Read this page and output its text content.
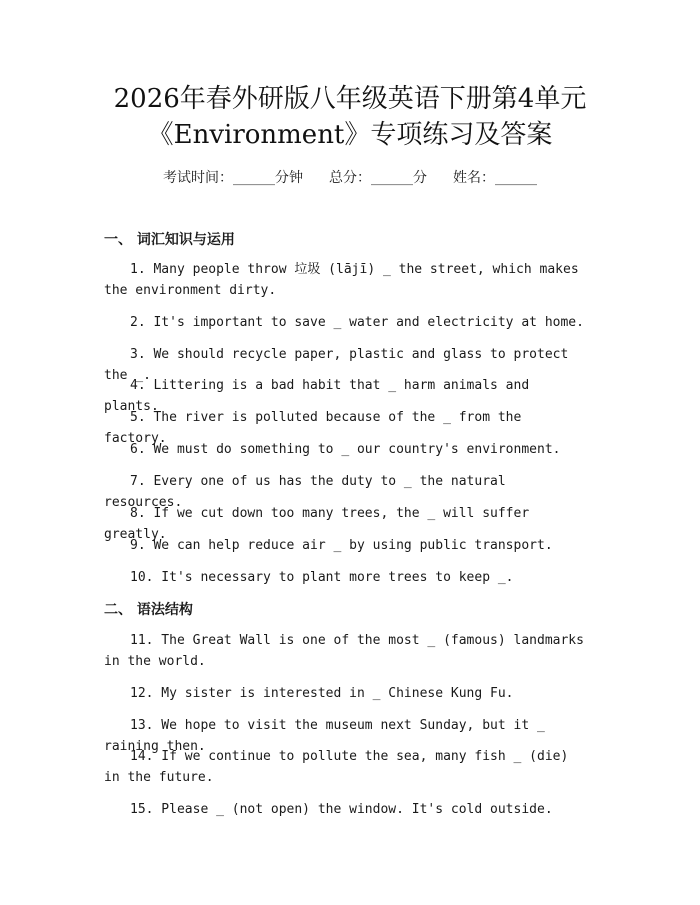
2026年春外研版八年级英语下册第4单元
《Environment》专项练习及答案
考试时间：______分钟 总分：______分 姓名：______
一、 词汇知识与运用
1. Many people throw 垃圾 (lājī) _ the street, which makes the environment dirty.
2. It's important to save _ water and electricity at home.
3. We should recycle paper, plastic and glass to protect the _.
4. Littering is a bad habit that _ harm animals and plants.
5. The river is polluted because of the _ from the factory.
6. We must do something to _ our country's environment.
7. Every one of us has the duty to _ the natural resources.
8. If we cut down too many trees, the _ will suffer greatly.
9. We can help reduce air _ by using public transport.
10. It's necessary to plant more trees to keep _.
二、 语法结构
11. The Great Wall is one of the most _ (famous) landmarks in the world.
12. My sister is interested in _ Chinese Kung Fu.
13. We hope to visit the museum next Sunday, but it _ raining then.
14. If we continue to pollute the sea, many fish _ (die) in the future.
15. Please _ (not open) the window. It's cold outside.
